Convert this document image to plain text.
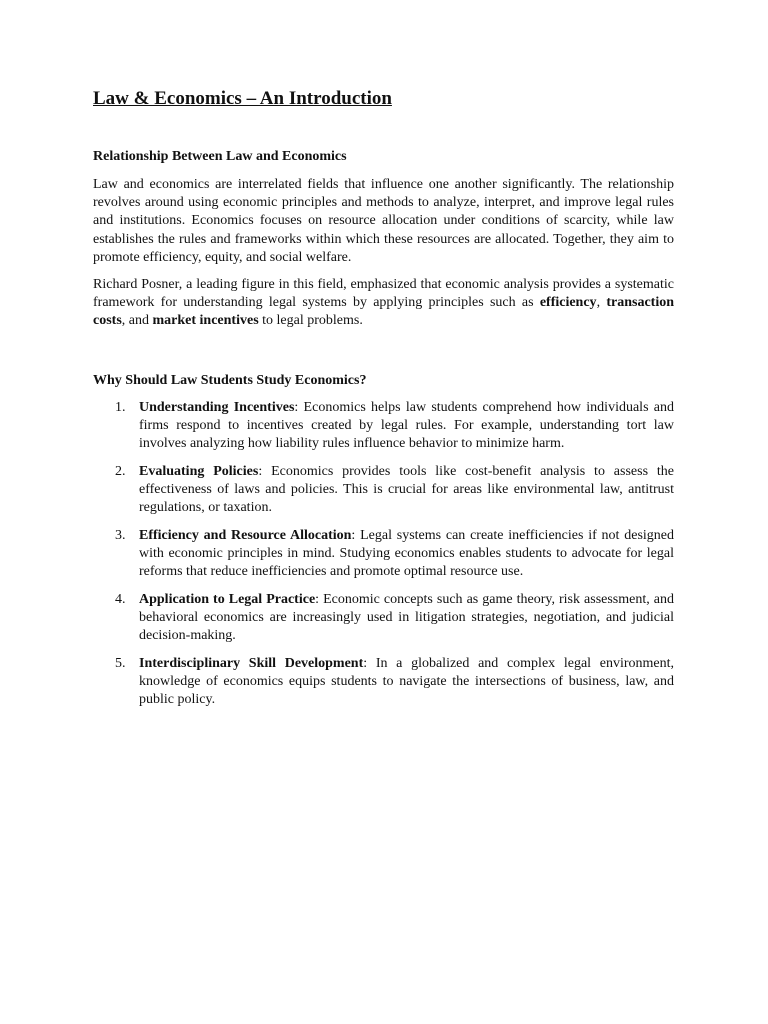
Law & Economics – An Introduction
Relationship Between Law and Economics

Law and economics are interrelated fields that influence one another significantly. The relationship revolves around using economic principles and methods to analyze, interpret, and improve legal rules and institutions. Economics focuses on resource allocation under conditions of scarcity, while law establishes the rules and frameworks within which these resources are allocated. Together, they aim to promote efficiency, equity, and social welfare.

Richard Posner, a leading figure in this field, emphasized that economic analysis provides a systematic framework for understanding legal systems by applying principles such as efficiency, transaction costs, and market incentives to legal problems.

Why Should Law Students Study Economics?
1. Understanding Incentives: Economics helps law students comprehend how individuals and firms respond to incentives created by legal rules. For example, understanding tort law involves analyzing how liability rules influence behavior to minimize harm.
2. Evaluating Policies: Economics provides tools like cost-benefit analysis to assess the effectiveness of laws and policies. This is crucial for areas like environmental law, antitrust regulations, or taxation.
3. Efficiency and Resource Allocation: Legal systems can create inefficiencies if not designed with economic principles in mind. Studying economics enables students to advocate for legal reforms that reduce inefficiencies and promote optimal resource use.
4. Application to Legal Practice: Economic concepts such as game theory, risk assessment, and behavioral economics are increasingly used in litigation strategies, negotiation, and judicial decision-making.
5. Interdisciplinary Skill Development: In a globalized and complex legal environment, knowledge of economics equips students to navigate the intersections of business, law, and public policy.
